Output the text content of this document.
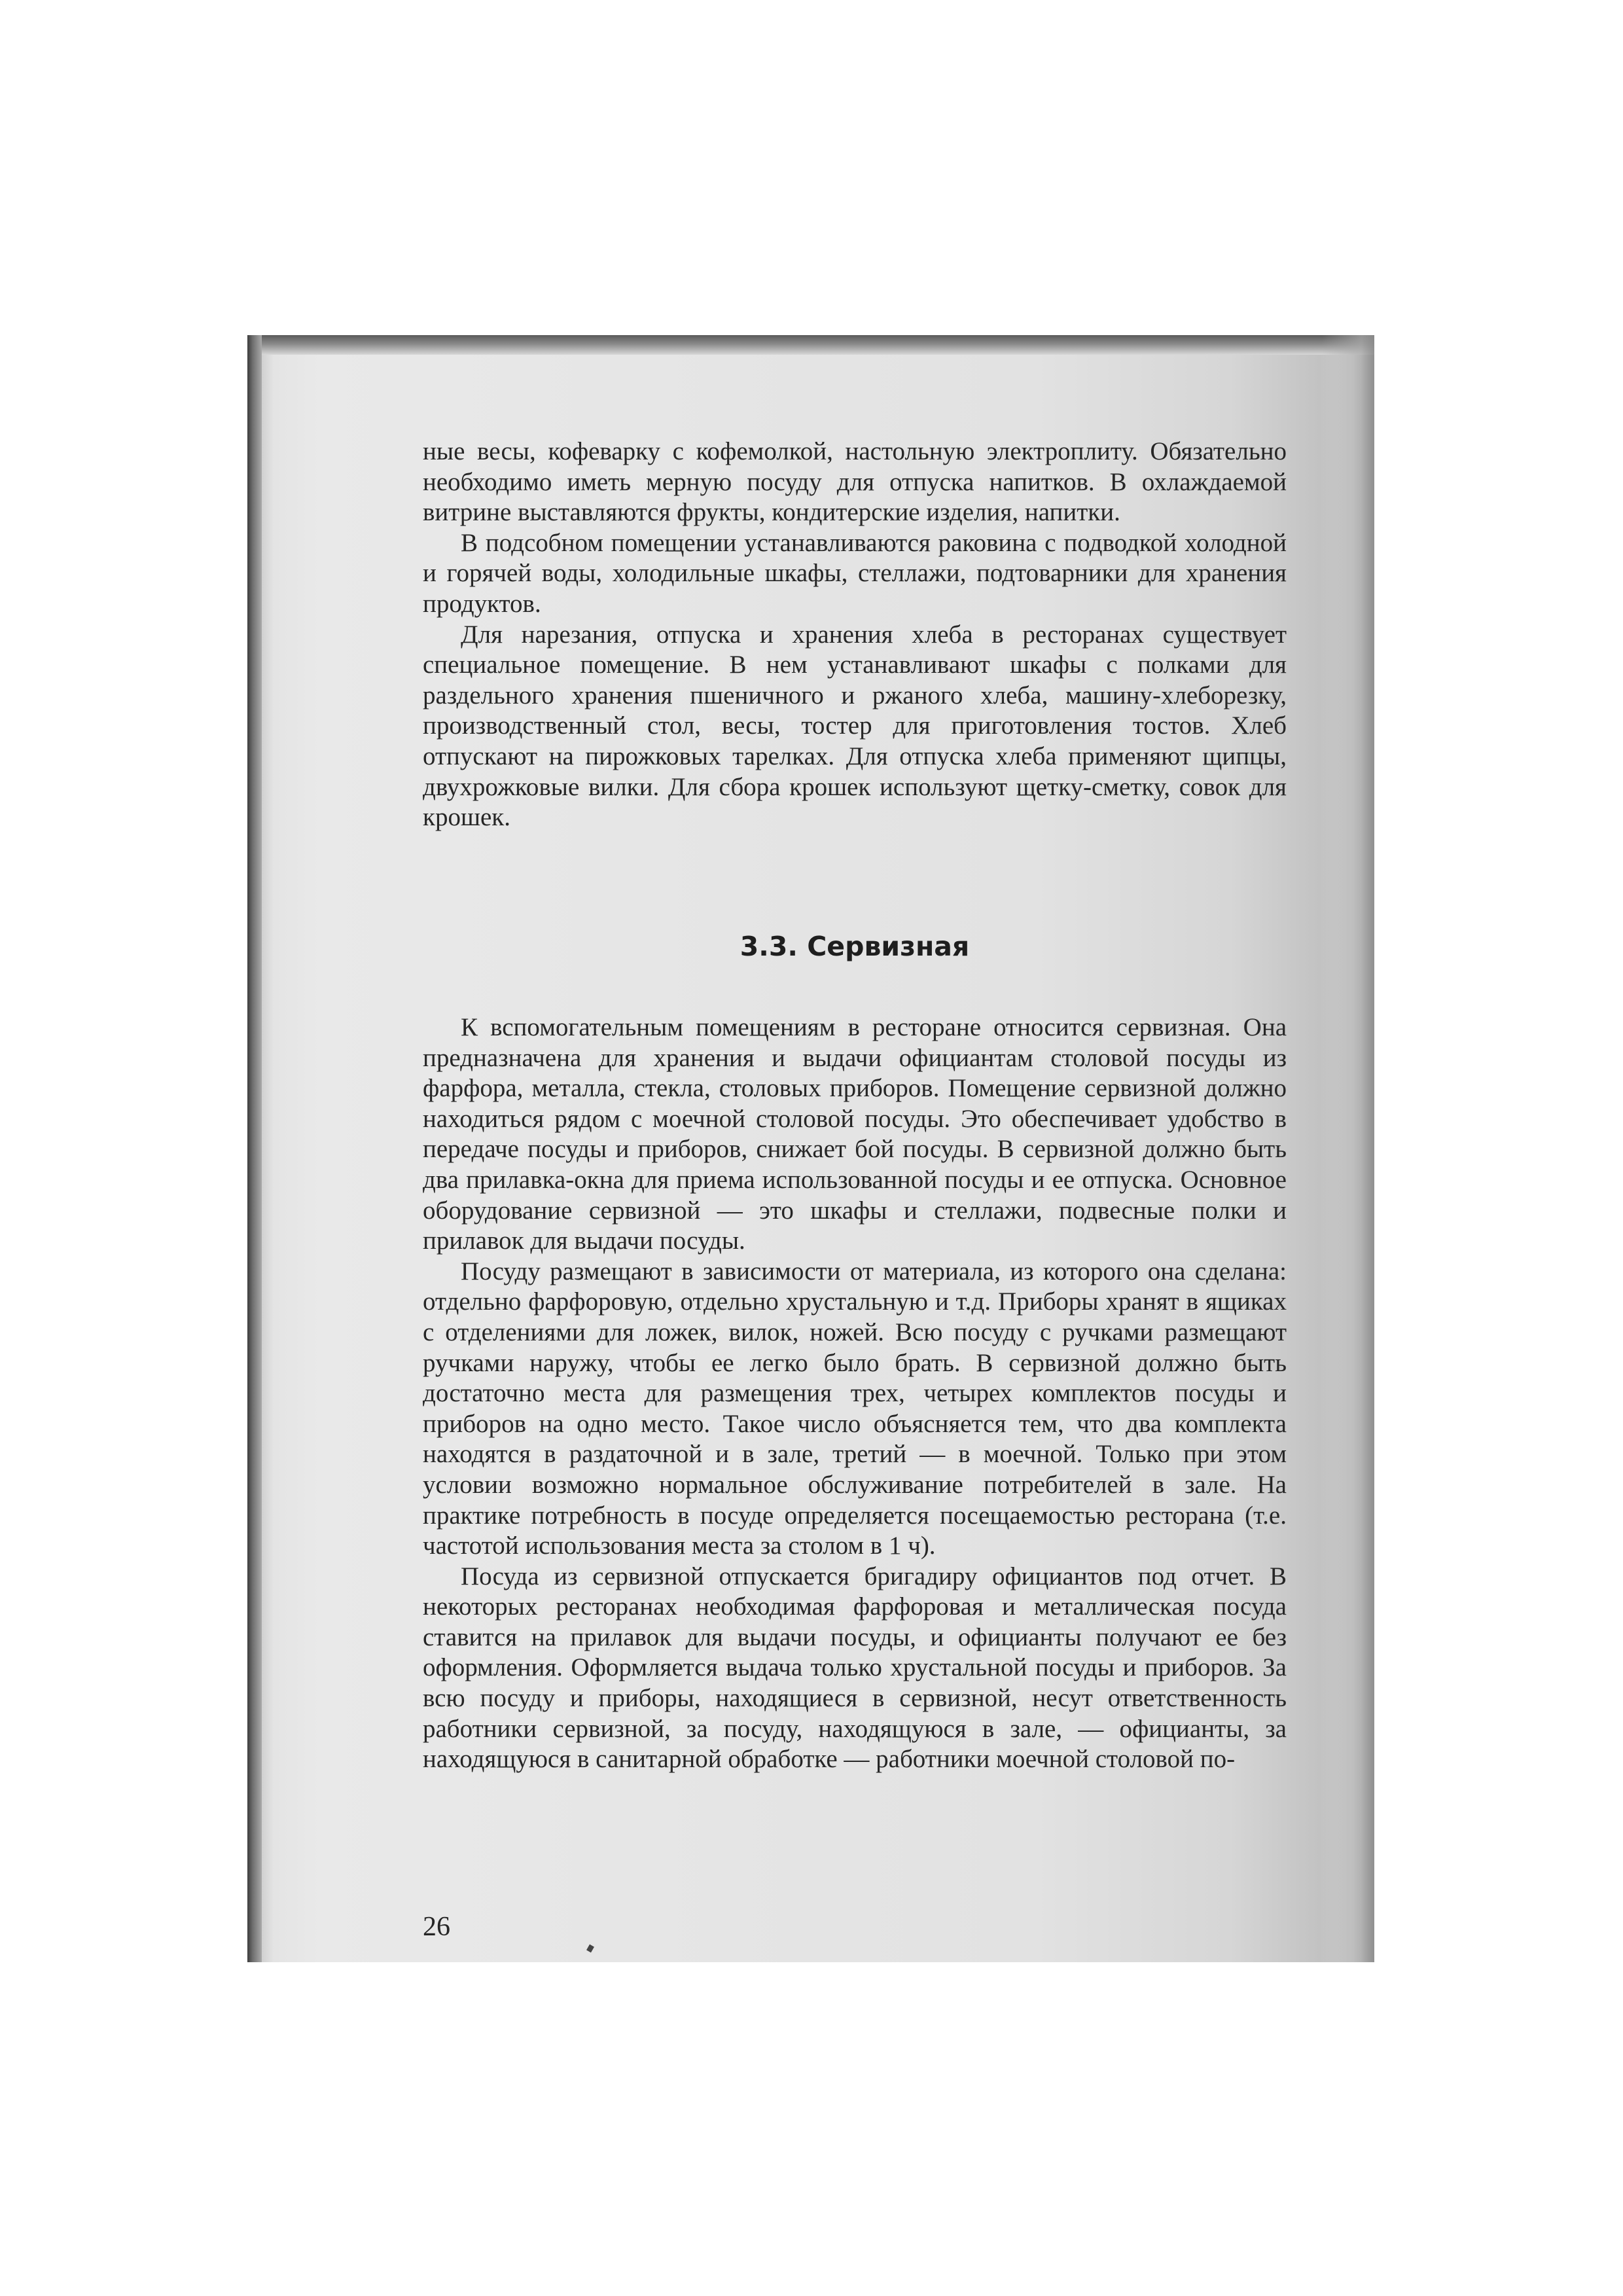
ные весы, кофеварку с кофемолкой, настольную электроплиту. Обязательно необходимо иметь мерную посуду для отпуска напитков. В охлаждаемой витрине выставляются фрукты, кондитерские изделия, напитки.

В подсобном помещении устанавливаются раковина с подводкой холодной и горячей воды, холодильные шкафы, стеллажи, подтоварники для хранения продуктов.

Для нарезания, отпуска и хранения хлеба в ресторанах существует специальное помещение. В нем устанавливают шкафы с полками для раздельного хранения пшеничного и ржаного хлеба, машину-хлеборезку, производственный стол, весы, тостер для приготовления тостов. Хлеб отпускают на пирожковых тарелках. Для отпуска хлеба применяют щипцы, двухрожковые вилки. Для сбора крошек используют щетку-сметку, совок для крошек.

3.3. Сервизная

К вспомогательным помещениям в ресторане относится сервизная. Она предназначена для хранения и выдачи официантам столовой посуды из фарфора, металла, стекла, столовых приборов. Помещение сервизной должно находиться рядом с моечной столовой посуды. Это обеспечивает удобство в передаче посуды и приборов, снижает бой посуды. В сервизной должно быть два прилавка-окна для приема использованной посуды и ее отпуска. Основное оборудование сервизной — это шкафы и стеллажи, подвесные полки и прилавок для выдачи посуды.

Посуду размещают в зависимости от материала, из которого она сделана: отдельно фарфоровую, отдельно хрустальную и т.д. Приборы хранят в ящиках с отделениями для ложек, вилок, ножей. Всю посуду с ручками размещают ручками наружу, чтобы ее легко было брать. В сервизной должно быть достаточно места для размещения трех, четырех комплектов посуды и приборов на одно место. Такое число объясняется тем, что два комплекта находятся в раздаточной и в зале, третий — в моечной. Только при этом условии возможно нормальное обслуживание потребителей в зале. На практике потребность в посуде определяется посещаемостью ресторана (т.е. частотой использования места за столом в 1 ч).

Посуда из сервизной отпускается бригадиру официантов под отчет. В некоторых ресторанах необходимая фарфоровая и металлическая посуда ставится на прилавок для выдачи посуды, и официанты получают ее без оформления. Оформляется выдача только хрустальной посуды и приборов. За всю посуду и приборы, находящиеся в сервизной, несут ответственность работники сервизной, за посуду, находящуюся в зале, — официанты, за находящуюся в санитарной обработке — работники моечной столовой по-

26
